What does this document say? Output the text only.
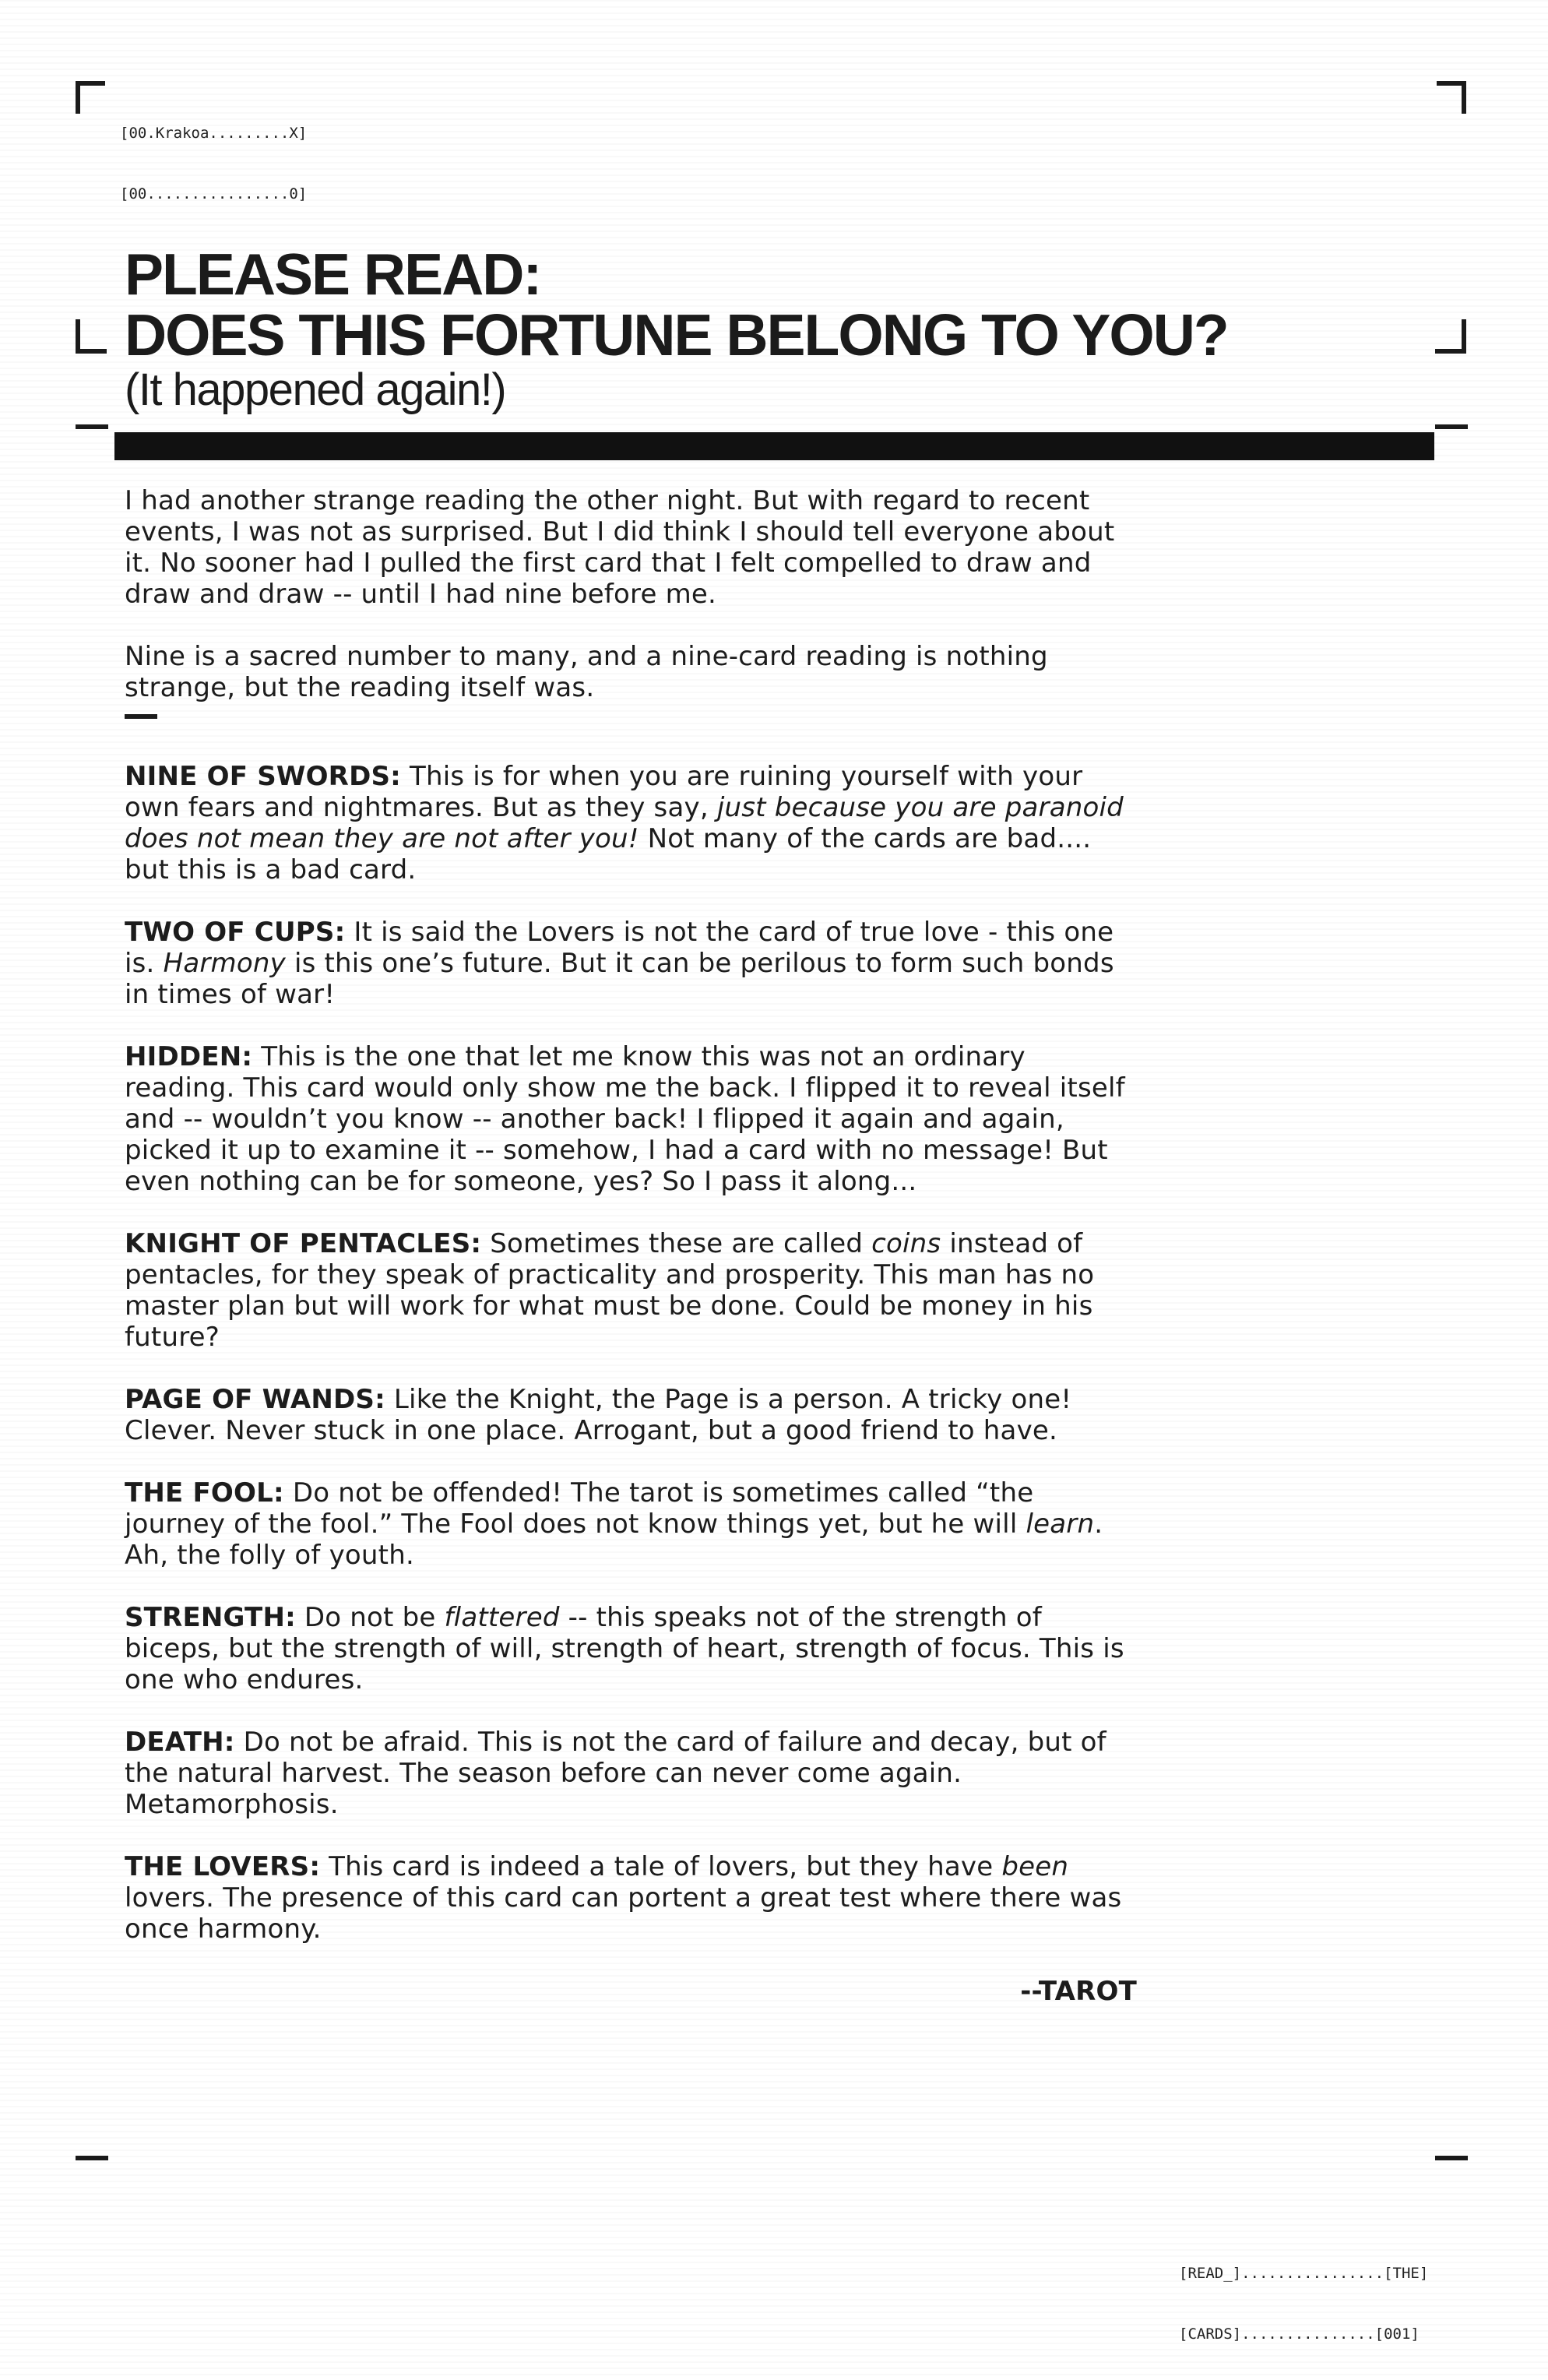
[00.Krakoa.........X]

[00................0]

PLEASE READ:
DOES THIS FORTUNE BELONG TO YOU?
(It happened again!)

I had another strange reading the other night. But with regard to recent events, I was not as surprised. But I did think I should tell everyone about it. No sooner had I pulled the first card that I felt compelled to draw and draw and draw -- until I had nine before me.

Nine is a sacred number to many, and a nine-card reading is nothing strange, but the reading itself was.

NINE OF SWORDS: This is for when you are ruining yourself with your own fears and nightmares. But as they say, just because you are paranoid does not mean they are not after you! Not many of the cards are bad.... but this is a bad card.

TWO OF CUPS: It is said the Lovers is not the card of true love - this one is. Harmony is this one’s future. But it can be perilous to form such bonds in times of war!

HIDDEN: This is the one that let me know this was not an ordinary reading. This card would only show me the back. I flipped it to reveal itself and -- wouldn’t you know -- another back! I flipped it again and again, picked it up to examine it -- somehow, I had a card with no message! But even nothing can be for someone, yes? So I pass it along...

KNIGHT OF PENTACLES: Sometimes these are called coins instead of pentacles, for they speak of practicality and prosperity. This man has no master plan but will work for what must be done. Could be money in his future?

PAGE OF WANDS: Like the Knight, the Page is a person. A tricky one! Clever. Never stuck in one place. Arrogant, but a good friend to have.

THE FOOL: Do not be offended! The tarot is sometimes called “the journey of the fool.” The Fool does not know things yet, but he will learn. Ah, the folly of youth.

STRENGTH: Do not be flattered -- this speaks not of the strength of biceps, but the strength of will, strength of heart, strength of focus. This is one who endures.

DEATH: Do not be afraid. This is not the card of failure and decay, but of the natural harvest. The season before can never come again. Metamorphosis.

THE LOVERS: This card is indeed a tale of lovers, but they have been lovers. The presence of this card can portent a great test where there was once harmony.

--TAROT

[READ_]................[THE]

[CARDS]...............[001]
